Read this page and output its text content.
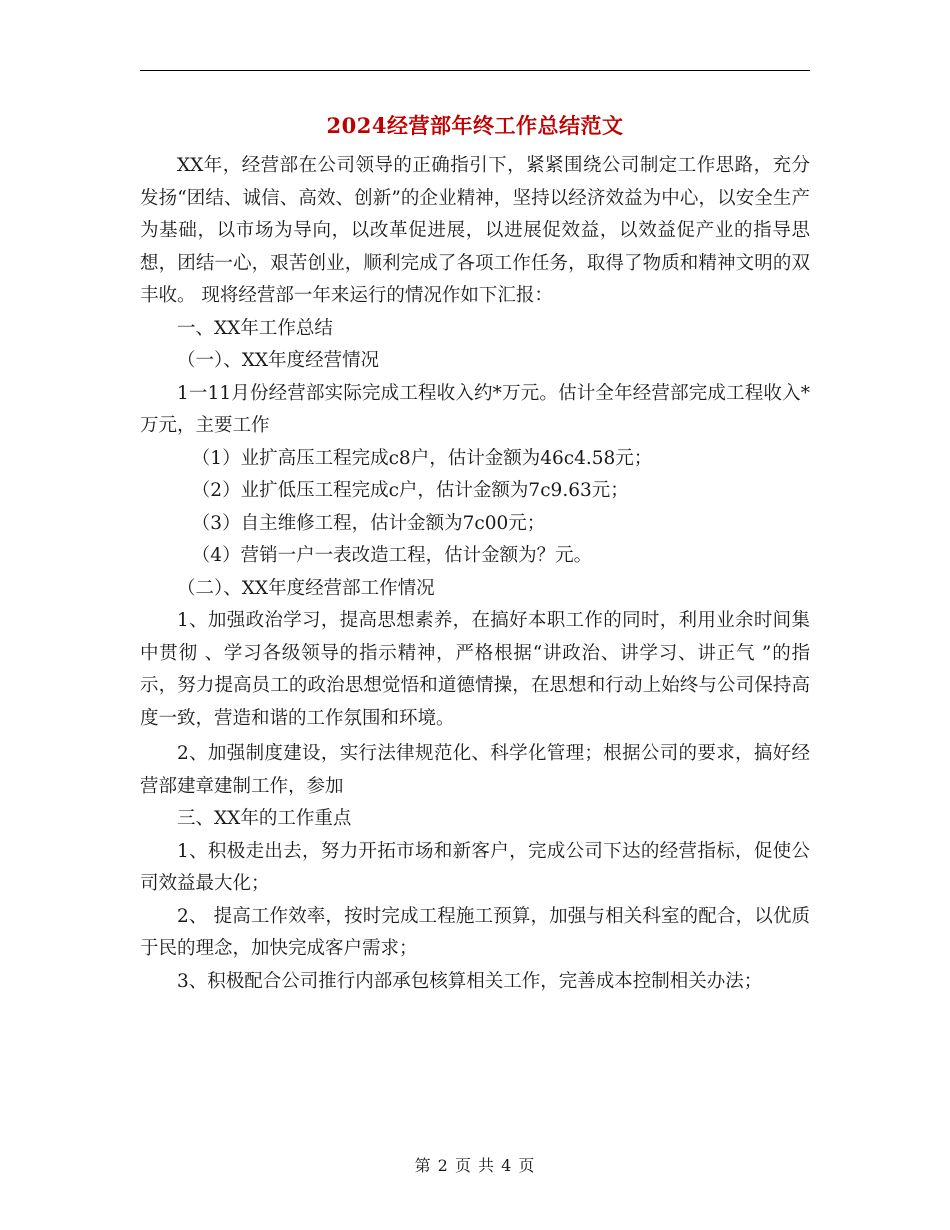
2024经营部年终工作总结范文

XX年，经营部在公司领导的正确指引下，紧紧围绕公司制定工作思路，充分发扬“团结、诚信、高效、创新”的企业精神，坚持以经济效益为中心，以安全生产为基础，以市场为导向，以改革促进展，以进展促效益，以效益促产业的指导思想，团结一心，艰苦创业，顺利完成了各项工作任务，取得了物质和精神文明的双丰收。 现将经营部一年来运行的情况作如下汇报：

一、XX年工作总结

（一）、XX年度经营情况

1一11月份经营部实际完成工程收入约*万元。估计全年经营部完成工程收入*万元，主要工作

（1）业扩高压工程完成c8户，估计金额为46c4.58元；

（2）业扩低压工程完成c户，估计金额为7c9.63元；

（3）自主维修工程，估计金额为7c00元；

（4）营销一户一表改造工程，估计金额为？元。

（二）、XX年度经营部工作情况

1、加强政治学习，提高思想素养，在搞好本职工作的同时，利用业余时间集中贯彻 、学习各级领导的指示精神，严格根据“讲政治、讲学习、讲正气 ”的指示，努力提高员工的政治思想觉悟和道德情操，在思想和行动上始终与公司保持高度一致，营造和谐的工作氛围和环境。

2、加强制度建设，实行法律规范化、科学化管理；根据公司的要求，搞好经营部建章建制工作，参加

三、XX年的工作重点

1、积极走出去，努力开拓市场和新客户，完成公司下达的经营指标，促使公司效益最大化；

2、 提高工作效率，按时完成工程施工预算，加强与相关科室的配合，以优质于民的理念，加快完成客户需求；

3、积极配合公司推行内部承包核算相关工作，完善成本控制相关办法；

第 2 页 共 4 页
